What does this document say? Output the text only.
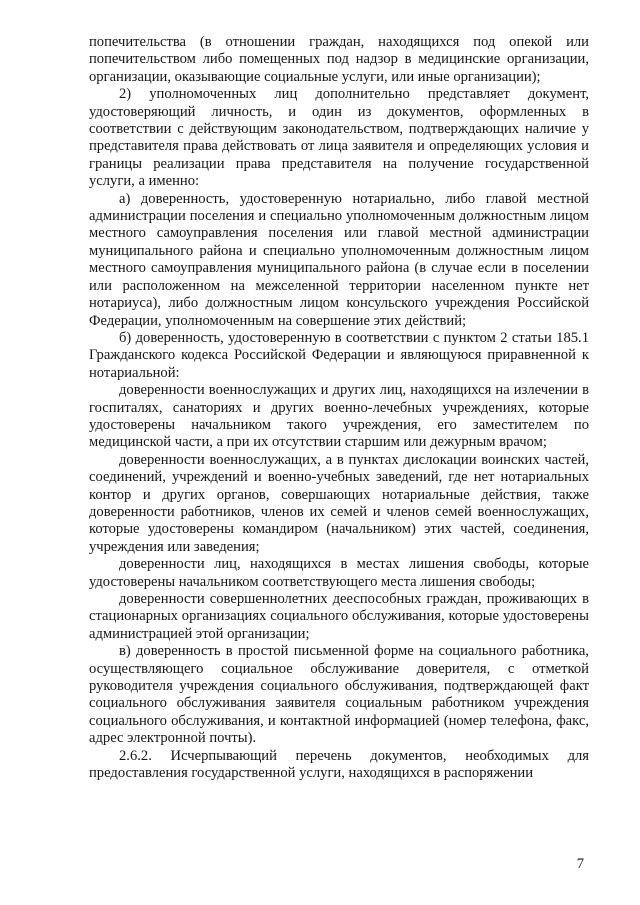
попечительства (в отношении граждан, находящихся под опекой или попечительством либо помещенных под надзор в медицинские организации, организации, оказывающие социальные услуги, или иные организации);

2) уполномоченных лиц дополнительно представляет документ, удостоверяющий личность, и один из документов, оформленных в соответствии с действующим законодательством, подтверждающих наличие у представителя права действовать от лица заявителя и определяющих условия и границы реализации права представителя на получение государственной услуги, а именно:

а) доверенность, удостоверенную нотариально, либо главой местной администрации поселения и специально уполномоченным должностным лицом местного самоуправления поселения или главой местной администрации муниципального района и специально уполномоченным должностным лицом местного самоуправления муниципального района (в случае если в поселении или расположенном на межселенной территории населенном пункте нет нотариуса), либо должностным лицом консульского учреждения Российской Федерации, уполномоченным на совершение этих действий;

б) доверенность, удостоверенную в соответствии с пунктом 2 статьи 185.1 Гражданского кодекса Российской Федерации и являющуюся приравненной к нотариальной:

доверенности военнослужащих и других лиц, находящихся на излечении в госпиталях, санаториях и других военно-лечебных учреждениях, которые удостоверены начальником такого учреждения, его заместителем по медицинской части, а при их отсутствии старшим или дежурным врачом;

доверенности военнослужащих, а в пунктах дислокации воинских частей, соединений, учреждений и военно-учебных заведений, где нет нотариальных контор и других органов, совершающих нотариальные действия, также доверенности работников, членов их семей и членов семей военнослужащих, которые удостоверены командиром (начальником) этих частей, соединения, учреждения или заведения;

доверенности лиц, находящихся в местах лишения свободы, которые удостоверены начальником соответствующего места лишения свободы;

доверенности совершеннолетних дееспособных граждан, проживающих в стационарных организациях социального обслуживания, которые удостоверены администрацией этой организации;

в) доверенность в простой письменной форме на социального работника, осуществляющего социальное обслуживание доверителя, с отметкой руководителя учреждения социального обслуживания, подтверждающей факт социального обслуживания заявителя социальным работником учреждения социального обслуживания, и контактной информацией (номер телефона, факс, адрес электронной почты).

2.6.2. Исчерпывающий перечень документов, необходимых для предоставления государственной услуги, находящихся в распоряжении

7
